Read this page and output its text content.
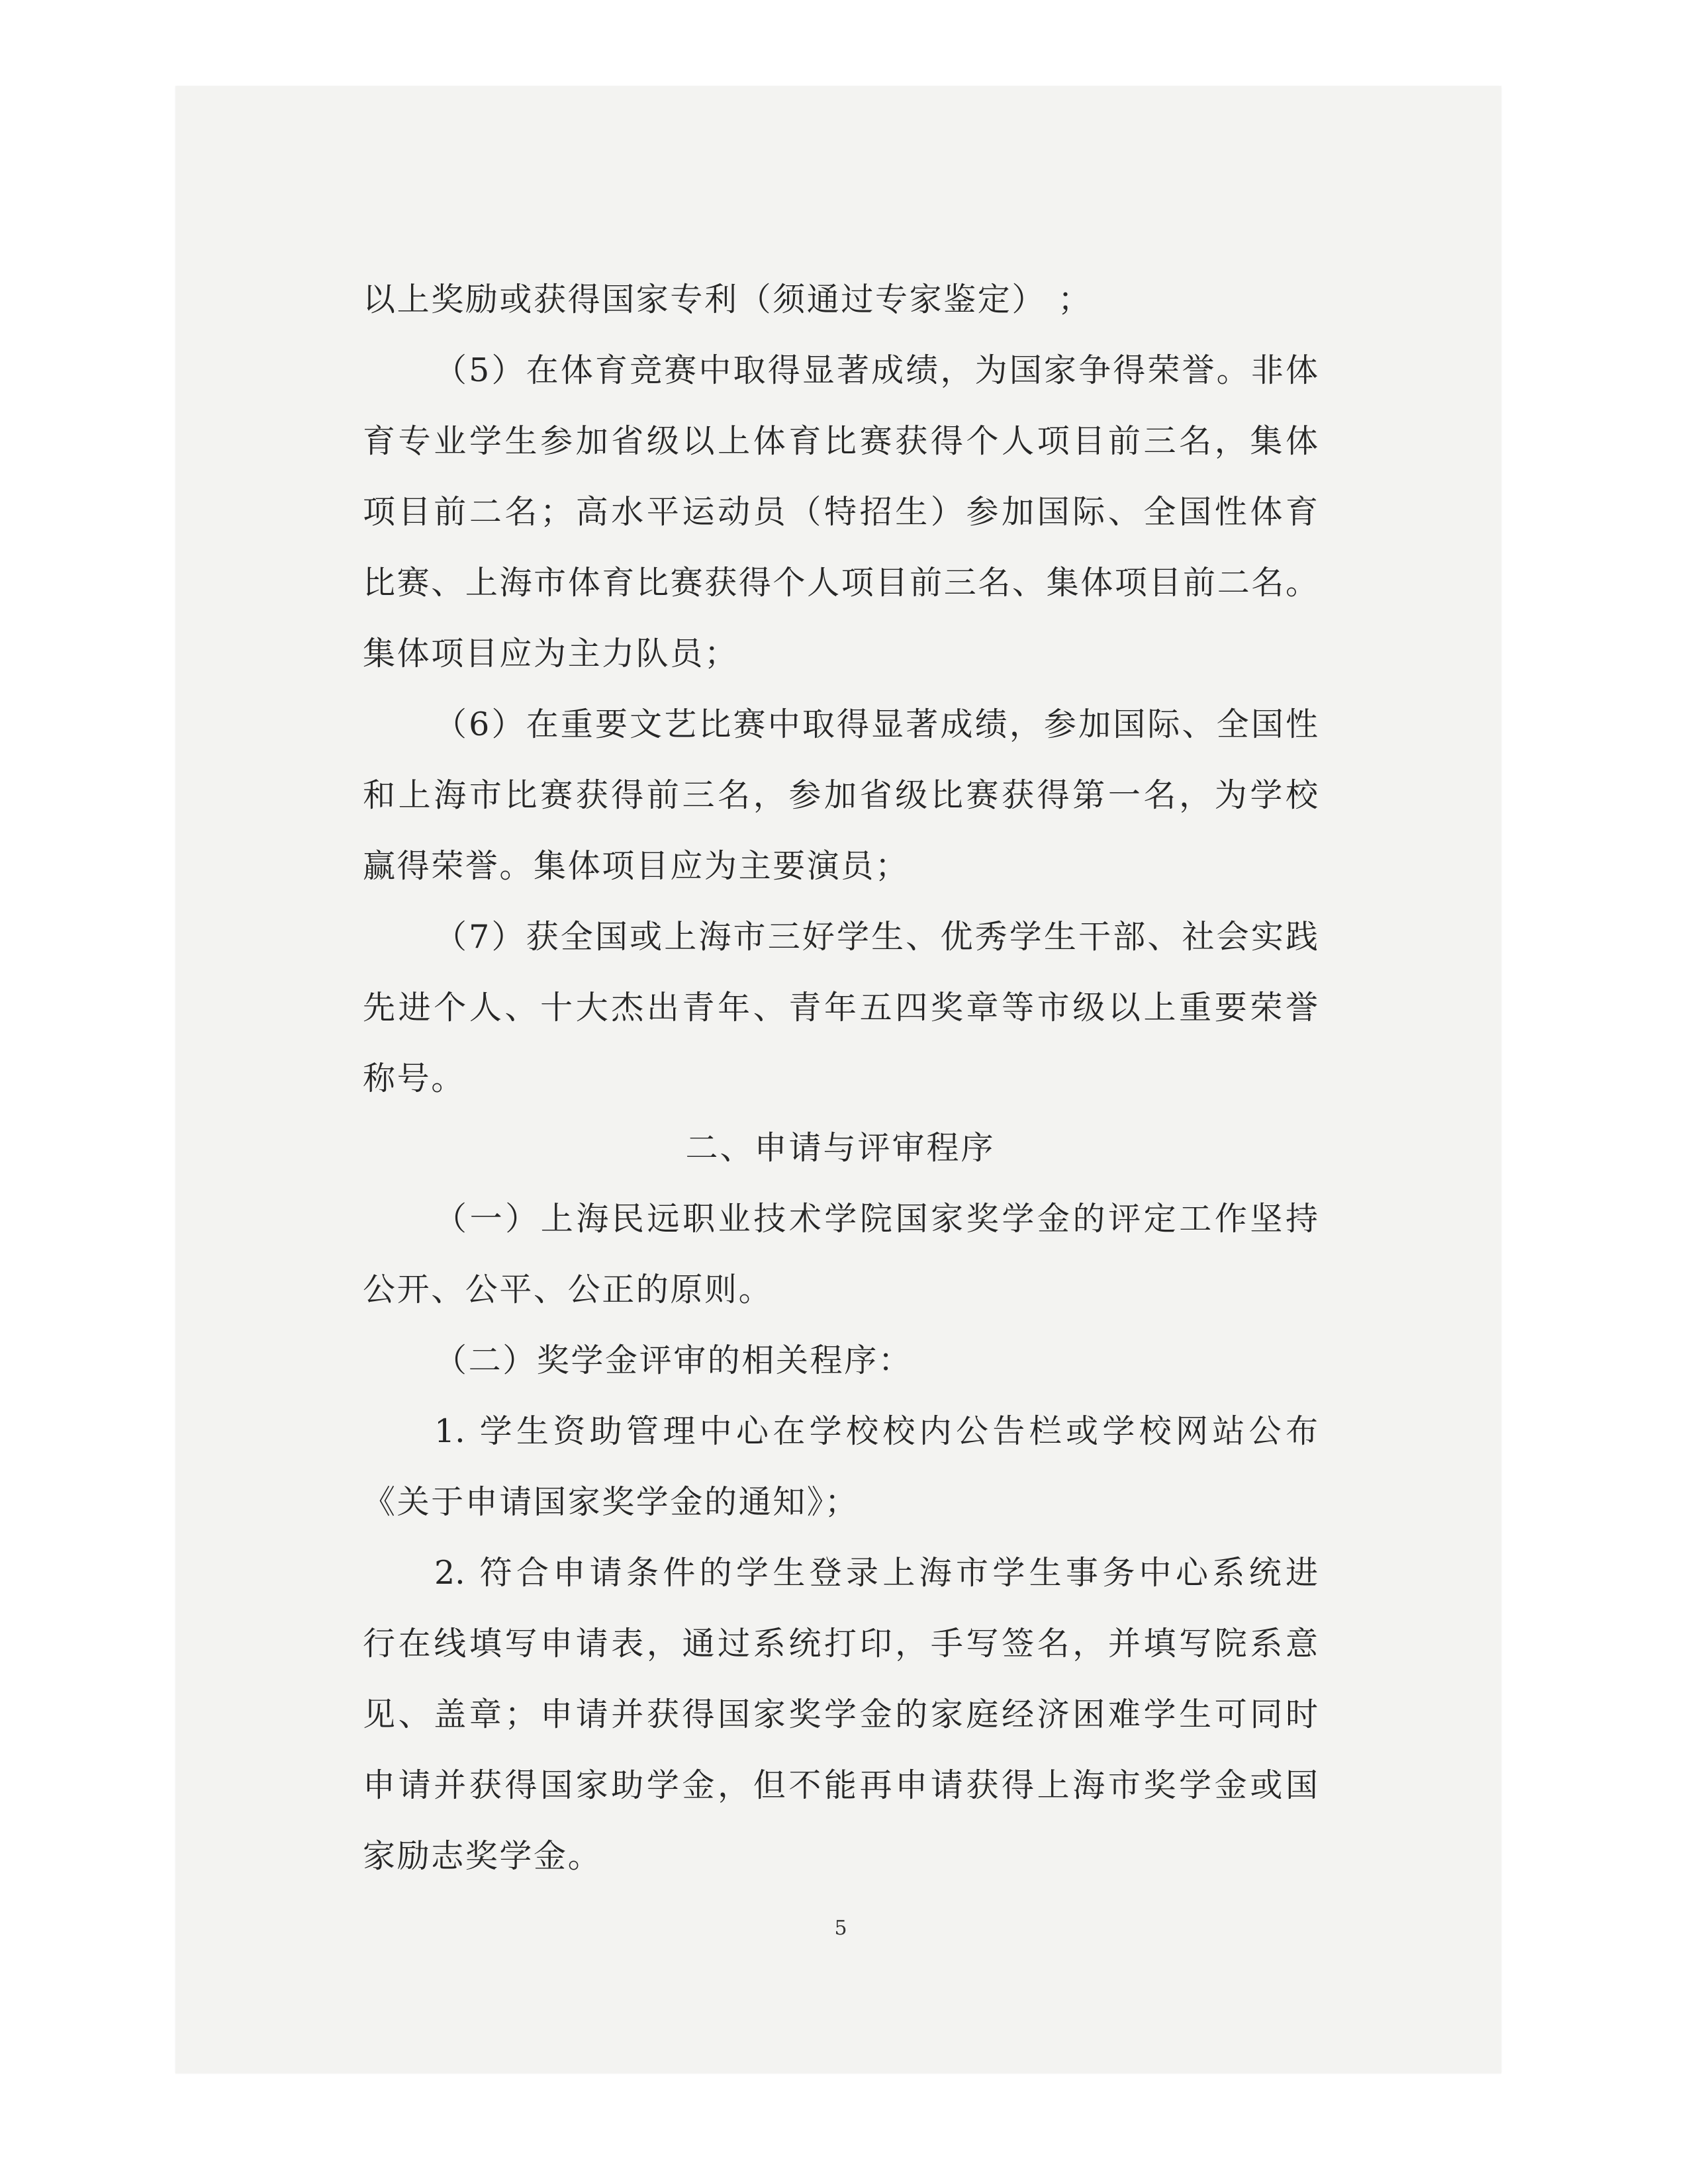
以上奖励或获得国家专利（须通过专家鉴定） ；
（5）在体育竞赛中取得显著成绩，为国家争得荣誉。非体
育专业学生参加省级以上体育比赛获得个人项目前三名，集体
项目前二名；高水平运动员（特招生）参加国际、全国性体育
比赛、上海市体育比赛获得个人项目前三名、集体项目前二名。
集体项目应为主力队员；
（6）在重要文艺比赛中取得显著成绩，参加国际、全国性
和上海市比赛获得前三名，参加省级比赛获得第一名，为学校
赢得荣誉。集体项目应为主要演员；
（7）获全国或上海市三好学生、优秀学生干部、社会实践
先进个人、十大杰出青年、青年五四奖章等市级以上重要荣誉
称号。
二、申请与评审程序
（一）上海民远职业技术学院国家奖学金的评定工作坚持
公开、公平、公正的原则。
（二）奖学金评审的相关程序：
1. 学生资助管理中心在学校校内公告栏或学校网站公布
《关于申请国家奖学金的通知》；
2. 符合申请条件的学生登录上海市学生事务中心系统进
行在线填写申请表，通过系统打印，手写签名，并填写院系意
见、盖章；申请并获得国家奖学金的家庭经济困难学生可同时
申请并获得国家助学金，但不能再申请获得上海市奖学金或国
家励志奖学金。
5
